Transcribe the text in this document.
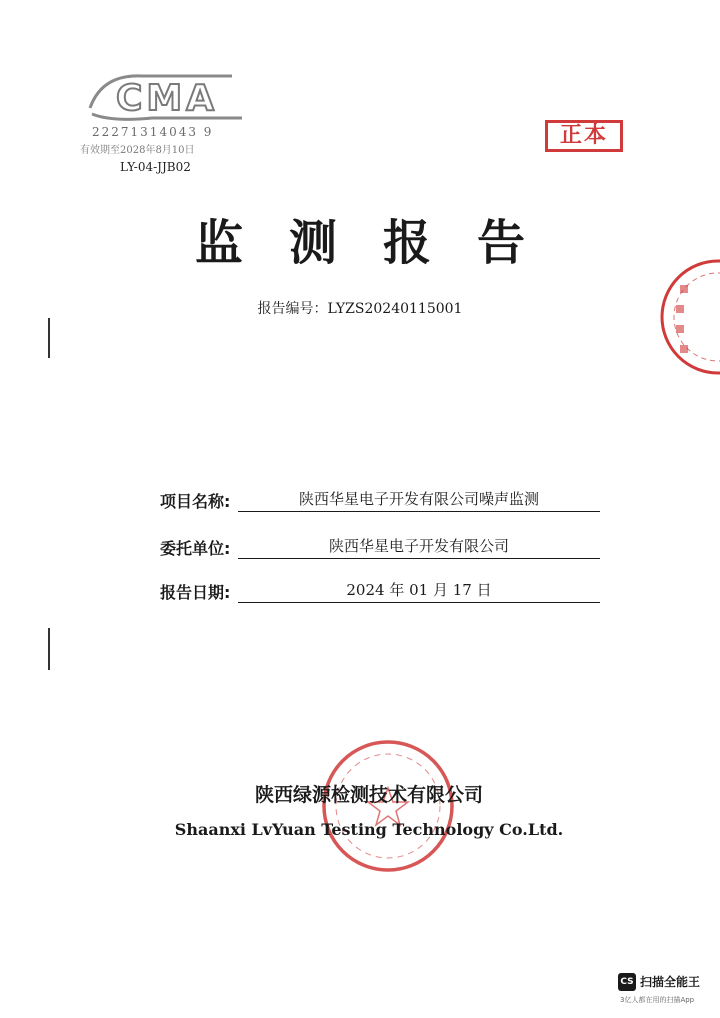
CMA
22271314043 9
有效期至2028年8月10日
LY-04-JJB02
正本
监测报告
报告编号：LYZS20240115001
项目名称:	陕西华星电子开发有限公司噪声监测
委托单位:	陕西华星电子开发有限公司
报告日期:	2024 年 01 月 17 日
陕西绿源检测技术有限公司
Shaanxi LvYuan Testing Technology Co.Ltd.
CS 扫描全能王
3亿人都在用的扫描App
